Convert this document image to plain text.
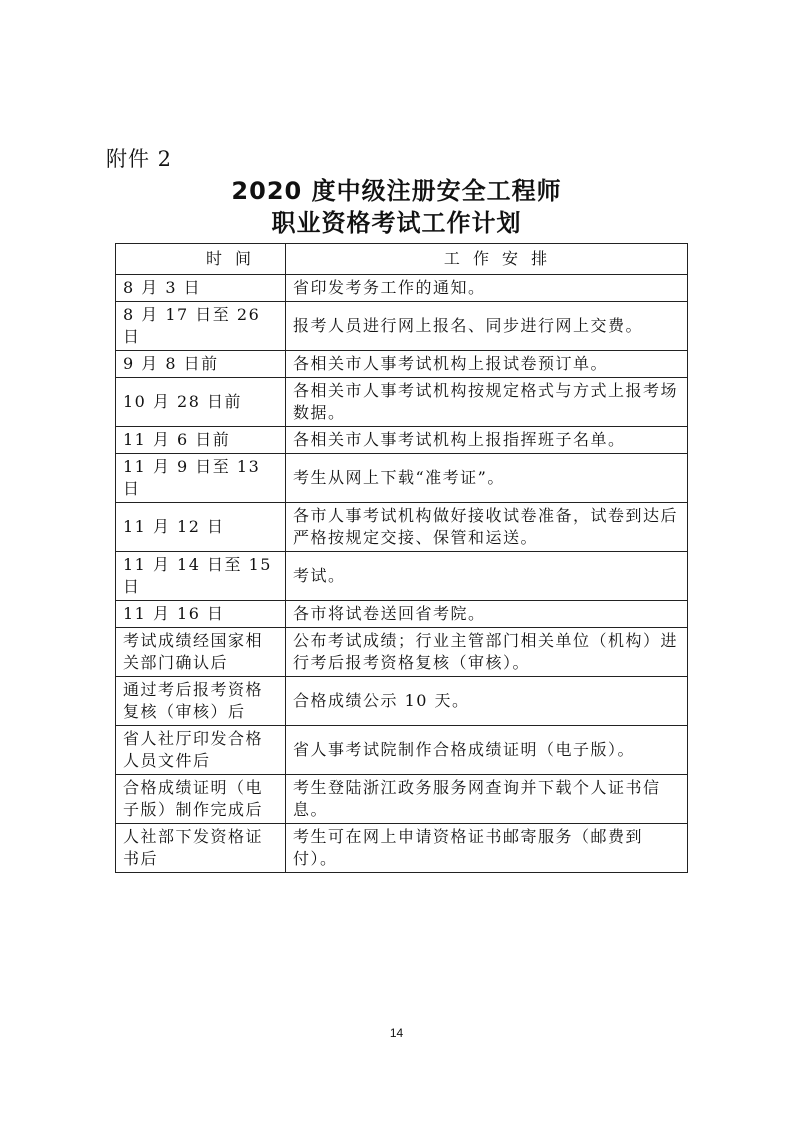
附件 2
2020 度中级注册安全工程师
职业资格考试工作计划
时 间	工 作 安 排
8 月 3 日	省印发考务工作的通知。
8 月 17 日至 26 日	报考人员进行网上报名、同步进行网上交费。
9 月 8 日前	各相关市人事考试机构上报试卷预订单。
10 月 28 日前	各相关市人事考试机构按规定格式与方式上报考场数据。
11 月 6 日前	各相关市人事考试机构上报指挥班子名单。
11 月 9 日至 13 日	考生从网上下载“准考证”。
11 月 12 日	各市人事考试机构做好接收试卷准备，试卷到达后严格按规定交接、保管和运送。
11 月 14 日至 15 日	考试。
11 月 16 日	各市将试卷送回省考院。
考试成绩经国家相关部门确认后	公布考试成绩；行业主管部门相关单位（机构）进行考后报考资格复核（审核）。
通过考后报考资格复核（审核）后	合格成绩公示 10 天。
省人社厅印发合格人员文件后	省人事考试院制作合格成绩证明（电子版）。
合格成绩证明（电子版）制作完成后	考生登陆浙江政务服务网查询并下载个人证书信息。
人社部下发资格证书后	考生可在网上申请资格证书邮寄服务（邮费到付）。
14
